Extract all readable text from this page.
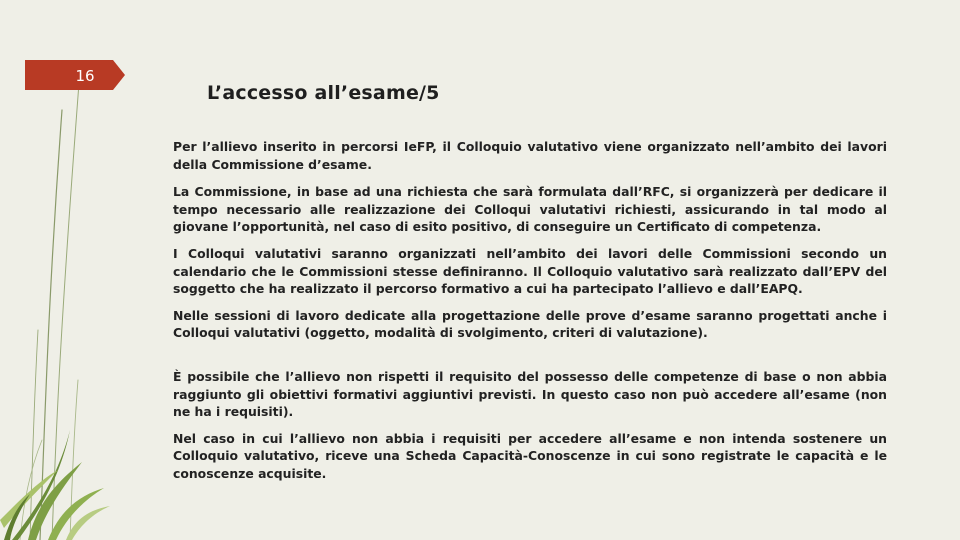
16
L’accesso all’esame/5

Per l’allievo inserito in percorsi IeFP, il Colloquio valutativo viene organizzato nell’ambito dei lavori della Commissione d’esame.

La Commissione, in base ad una richiesta che sarà formulata dall’RFC, si organizzerà per dedicare il tempo necessario alle realizzazione dei Colloqui valutativi richiesti, assicurando in tal modo al giovane l’opportunità, nel caso di esito positivo, di conseguire un Certificato di competenza.

I Colloqui valutativi saranno organizzati nell’ambito dei lavori delle Commissioni secondo un calendario che le Commissioni stesse definiranno. Il Colloquio valutativo sarà realizzato dall’EPV del soggetto che ha realizzato il percorso formativo a cui ha partecipato l’allievo e dall’EAPQ.

Nelle sessioni di lavoro dedicate alla progettazione delle prove d’esame saranno progettati anche i Colloqui valutativi (oggetto, modalità di svolgimento, criteri di valutazione).

È possibile che l’allievo non rispetti il requisito del possesso delle competenze di base o non abbia raggiunto gli obiettivi formativi aggiuntivi previsti. In questo caso non può accedere all’esame (non ne ha i requisiti).

Nel caso in cui l’allievo non abbia i requisiti per accedere all’esame e non intenda sostenere un Colloquio valutativo, riceve una Scheda Capacità-Conoscenze in cui sono registrate le capacità e le conoscenze acquisite.
